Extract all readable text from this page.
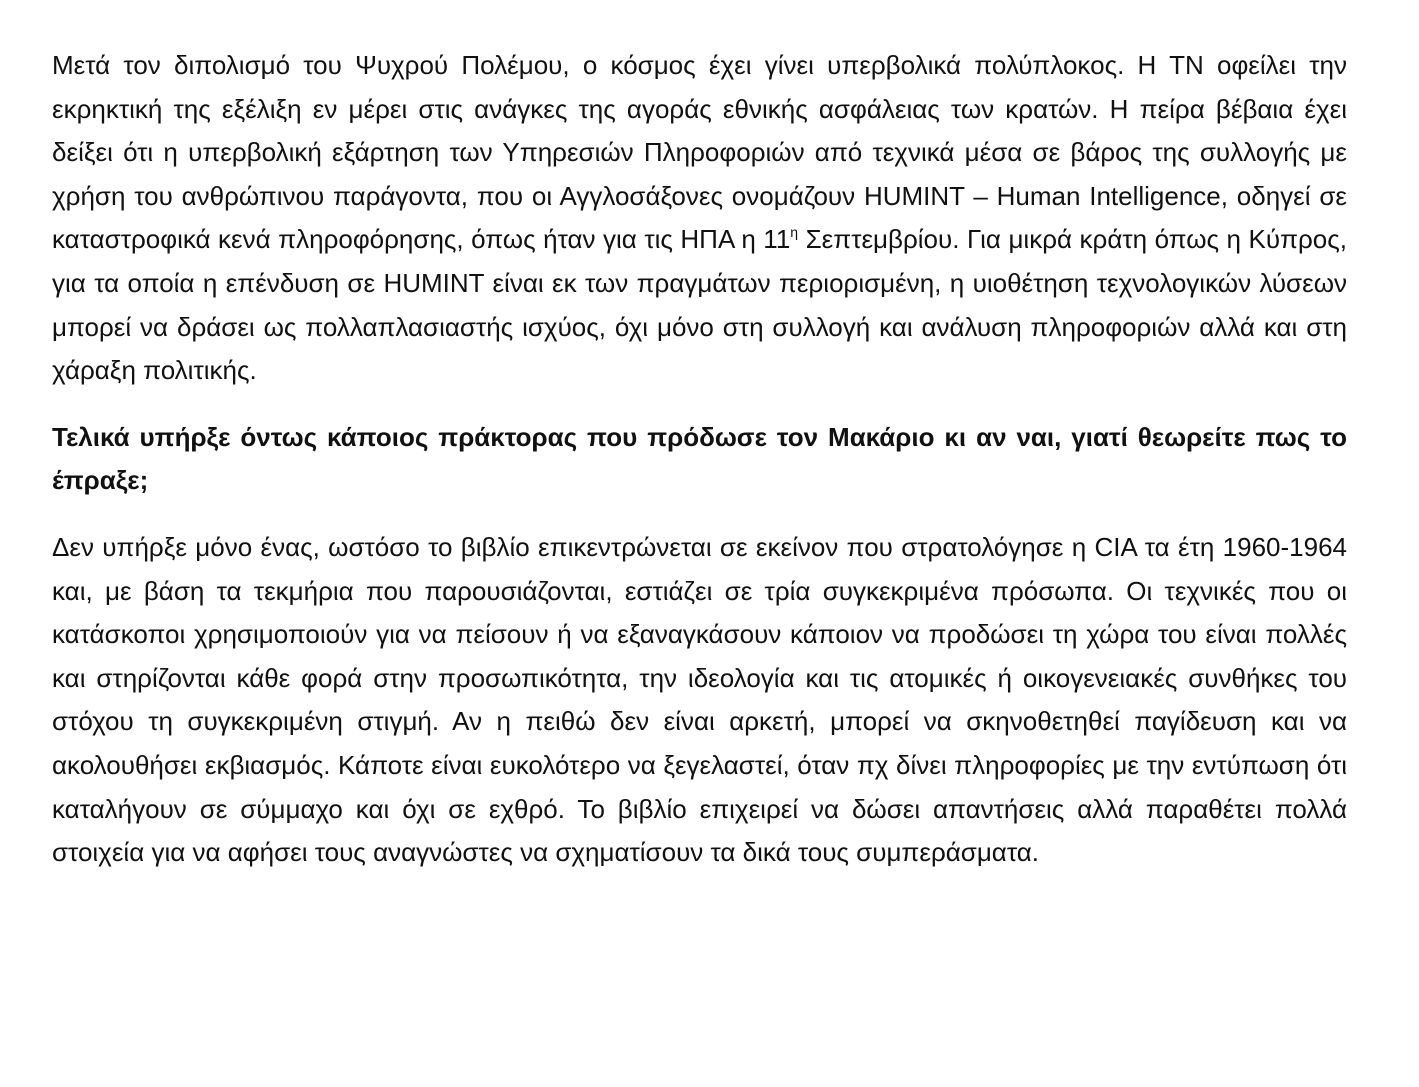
Μετά τον διπολισμό του Ψυχρού Πολέμου, ο κόσμος έχει γίνει υπερβολικά πολύπλοκος. Η ΤΝ οφείλει την εκρηκτική της εξέλιξη εν μέρει στις ανάγκες της αγοράς εθνικής ασφάλειας των κρατών. Η πείρα βέβαια έχει δείξει ότι η υπερβολική εξάρτηση των Υπηρεσιών Πληροφοριών από τεχνικά μέσα σε βάρος της συλλογής με χρήση του ανθρώπινου παράγοντα, που οι Αγγλοσάξονες ονομάζουν HUMINT – Human Intelligence, οδηγεί σε καταστροφικά κενά πληροφόρησης, όπως ήταν για τις ΗΠΑ η $11^\eta$ Σεπτεμβρίου. Για μικρά κράτη όπως η Κύπρος, για τα οποία η επένδυση σε HUMINT είναι εκ των πραγμάτων περιορισμένη, η υιοθέτηση τεχνολογικών λύσεων μπορεί να δράσει ως πολλαπλασιαστής ισχύος, όχι μόνο στη συλλογή και ανάλυση πληροφοριών αλλά και στη χάραξη πολιτικής.

Τελικά υπήρξε όντως κάποιος πράκτορας που πρόδωσε τον Μακάριο κι αν ναι, γιατί θεωρείτε πως το έπραξε;

Δεν υπήρξε μόνο ένας, ωστόσο το βιβλίο επικεντρώνεται σε εκείνον που στρατολόγησε η CIA τα έτη 1960-1964 και, με βάση τα τεκμήρια που παρουσιάζονται, εστιάζει σε τρία συγκεκριμένα πρόσωπα. Οι τεχνικές που οι κατάσκοποι χρησιμοποιούν για να πείσουν ή να εξαναγκάσουν κάποιον να προδώσει τη χώρα του είναι πολλές και στηρίζονται κάθε φορά στην προσωπικότητα, την ιδεολογία και τις ατομικές ή οικογενειακές συνθήκες του στόχου τη συγκεκριμένη στιγμή. Αν η πειθώ δεν είναι αρκετή, μπορεί να σκηνοθετηθεί παγίδευση και να ακολουθήσει εκβιασμός. Κάποτε είναι ευκολότερο να ξεγελαστεί, όταν πχ δίνει πληροφορίες με την εντύπωση ότι καταλήγουν σε σύμμαχο και όχι σε εχθρό. Το βιβλίο επιχειρεί να δώσει απαντήσεις αλλά παραθέτει πολλά στοιχεία για να αφήσει τους αναγνώστες να σχηματίσουν τα δικά τους συμπεράσματα.
